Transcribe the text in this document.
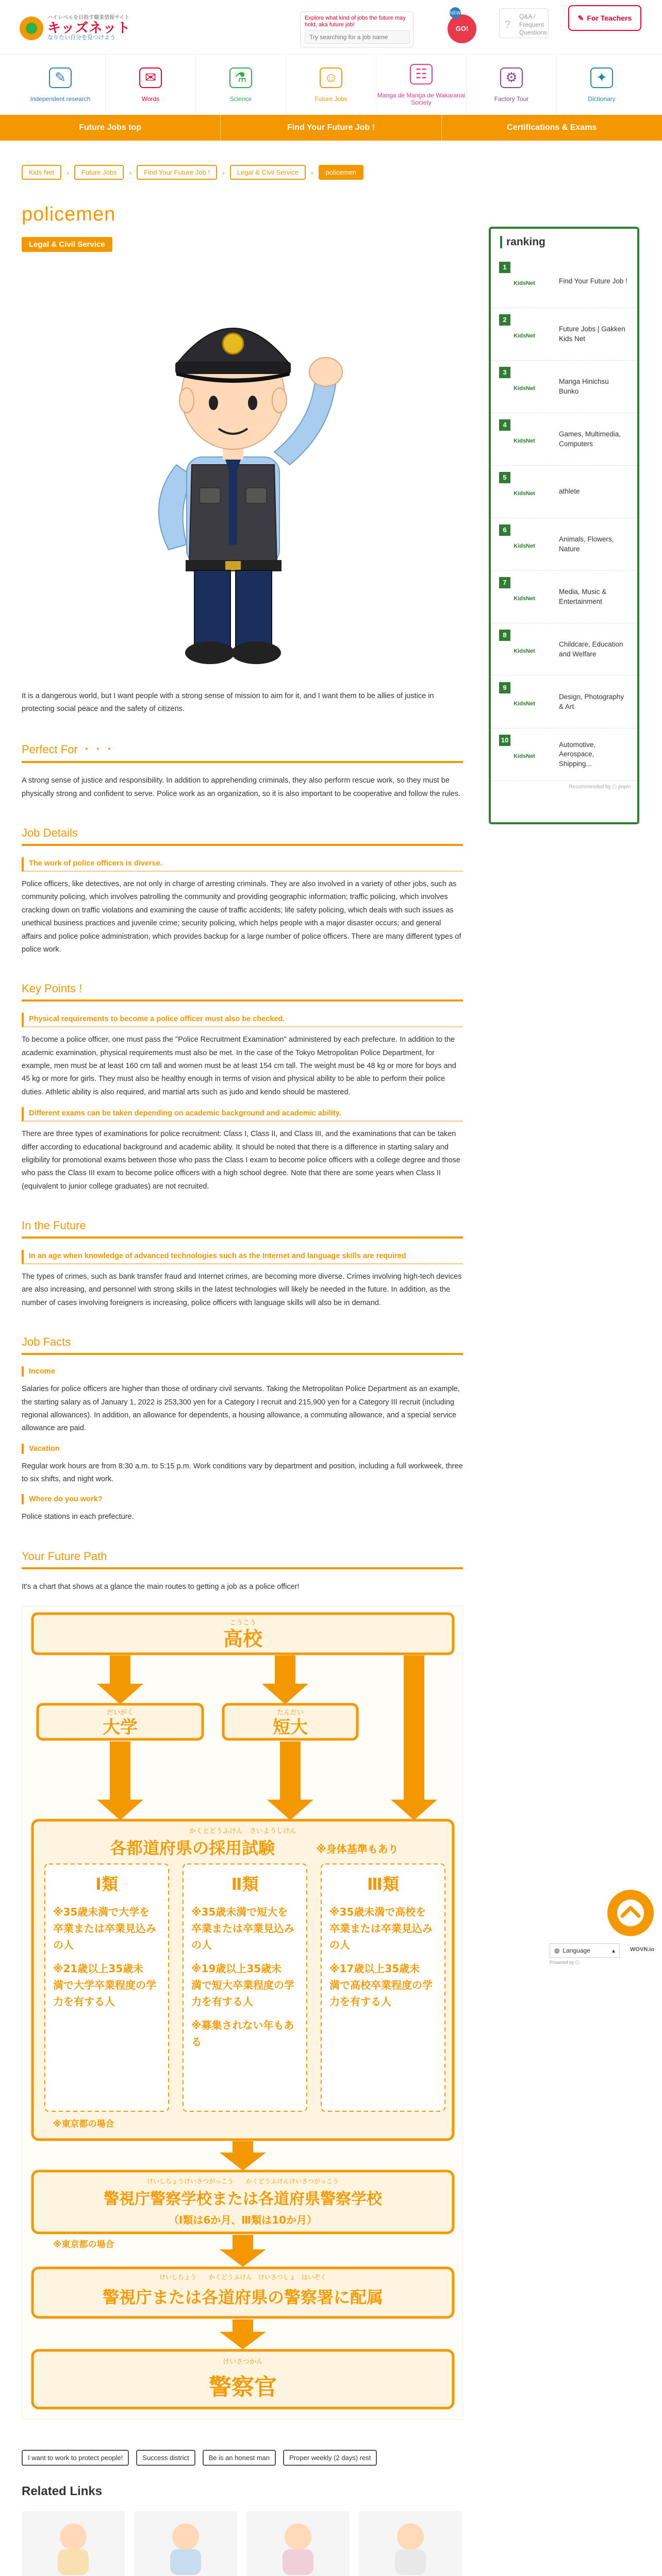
ハイレベルを目指す職業情報サイト
キッズネット
なりたい自分を見つけよう
Explore what kind of jobs the future may hold, aka future job!
Try searching for a job name	GO!
NEW
?
Q&A / Frequent Questions
✎ For Teachers
✎
Independent research
✉
Words
⚗
Science
☺
Future Jobs
☷
Manga de Manga de Wakaranai Society
⚙
Factory Tour
✦
Dictionary
Future Jobs top	Find Your Future Job !	Certifications & Exams
Kids Net	›	Future Jobs	›	Find Your Future Job !	›	Legal & Civil Service	›	policemen
policemen
Legal & Civil Service
It is a dangerous world, but I want people with a strong sense of mission to aim for it, and I want them to be allies of justice in protecting social peace and the safety of citizens.
Perfect For ・・・

A strong sense of justice and responsibility. In addition to apprehending criminals, they also perform rescue work, so they must be physically strong and confident to serve. Police work as an organization, so it is also important to be cooperative and follow the rules.

Job Details
The work of police officers is diverse.

Police officers, like detectives, are not only in charge of arresting criminals. They are also involved in a variety of other jobs, such as community policing, which involves patrolling the community and providing geographic information; traffic policing, which involves cracking down on traffic violations and examining the cause of traffic accidents; life safety policing, which deals with such issues as unethical business practices and juvenile crime; security policing, which helps people with a major disaster occurs; and general affairs and police police administration, which provides backup for a large number of police officers. There are many different types of police work.

Key Points !
Physical requirements to become a police officer must also be checked.

To become a police officer, one must pass the "Police Recruitment Examination" administered by each prefecture. In addition to the academic examination, physical requirements must also be met. In the case of the Tokyo Metropolitan Police Department, for example, men must be at least 160 cm tall and women must be at least 154 cm tall. The weight must be 48 kg or more for boys and 45 kg or more for girls. They must also be healthy enough in terms of vision and physical ability to be able to perform their police duties. Athletic ability is also required, and martial arts such as judo and kendo should be mastered.

Different exams can be taken depending on academic background and academic ability.

There are three types of examinations for police recruitment: Class I, Class II, and Class III, and the examinations that can be taken differ according to educational background and academic ability. It should be noted that there is a difference in starting salary and eligibility for promotional exams between those who pass the Class I exam to become police officers with a college degree and those who pass the Class III exam to become police officers with a high school degree. Note that there are some years when Class II (equivalent to junior college graduates) are not recruited.

In the Future
In an age when knowledge of advanced technologies such as the Internet and language skills are required

The types of crimes, such as bank transfer fraud and Internet crimes, are becoming more diverse. Crimes involving high-tech devices are also increasing, and personnel with strong skills in the latest technologies will likely be needed in the future. In addition, as the number of cases involving foreigners is increasing, police officers with language skills will also be in demand.

Job Facts
Income

Salaries for police officers are higher than those of ordinary civil servants. Taking the Metropolitan Police Department as an example, the starting salary as of January 1, 2022 is 253,300 yen for a Category I recruit and 215,900 yen for a Category III recruit (including regional allowances). In addition, an allowance for dependents, a housing allowance, a commuting allowance, and a special service allowance are paid.

Vacation

Regular work hours are from 8:30 a.m. to 5:15 p.m. Work conditions vary by department and position, including a full workweek, three to six shifts, and night work.

Where do you work?

Police stations in each prefecture.

Your Future Path

It's a chart that shows at a glance the main routes to getting a job as a police officer!

こうこう
高校
だいがく
大学
たんだい
短大
かくとどうふけん　さいようしけん
各都道府県の採用試験	※身体基準もあり
Ⅰ類	Ⅱ類	Ⅲ類
※35歳未満で大学を
卒業または卒業見込み
の人
※21歳以上35歳未
満で大学卒業程度の学
力を有する人
※35歳未満で短大を
卒業または卒業見込み
の人
※19歳以上35歳未
満で短大卒業程度の学
力を有する人
※募集されない年もあ
る
※35歳未満で高校を
卒業または卒業見込み
の人
※17歳以上35歳未
満で高校卒業程度の学
力を有する人
※東京都の場合
けいしちょうけいさつがっこう　　かくどうふけんけいさつがっこう
警視庁警察学校または各道府県警察学校
（Ⅰ類は6か月、Ⅲ類は10か月）
※東京都の場合
けいしちょう　　かくどうふけん　けいさつしょ　はいぞく
警視庁または各道府県の警察署に配属
けいさつかん
警察官
I want to work to protect people!	Success district	Be is an honest man	Proper weekly (2 days) rest
Related Links
ranking
1
KidsNet	Find Your Future Job !
2
KidsNet
Future Jobs | Gakken Kids Net
3
KidsNet
Manga Hinichsu Bunko
4
KidsNet
Games, Multimedia, Computers
5
KidsNet	athlete
6
KidsNet
Animals, Flowers, Nature
7
KidsNet
Media, Music & Entertainment
8
KidsNet
Childcare, Education and Welfare
9
KidsNet
Design, Photography & Art
10
KidsNet
Automotive, Aerospace, Shipping...
Recommended by ⬡ popIn
◍ Language	▴
Powered by ⬡
WOVN.io
